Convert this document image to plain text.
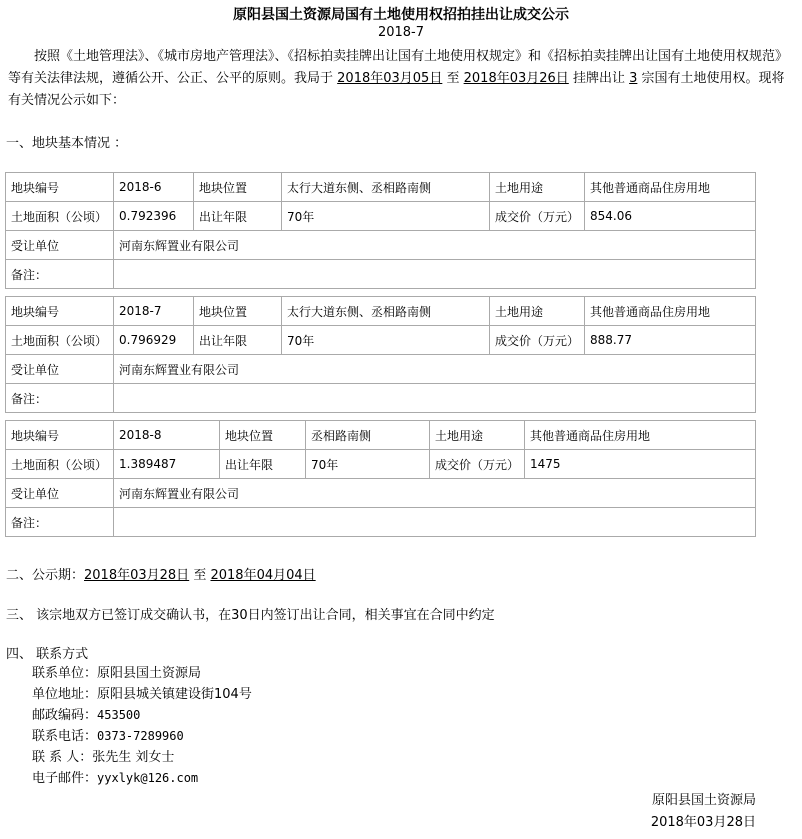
原阳县国土资源局国有土地使用权招拍挂出让成交公示
2018-7
按照《土地管理法》、《城市房地产管理法》、《招标拍卖挂牌出让国有土地使用权规定》和《招标拍卖挂牌出让国有土地使用权规范》等有关法律法规，遵循公开、公正、公平的原则。我局于 2018年03月05日 至 2018年03月26日 挂牌出让 3 宗国有土地使用权。现将有关情况公示如下：
一、地块基本情况 ：
地块编号	2018-6	地块位置	太行大道东侧、丞相路南侧	土地用途	其他普通商品住房用地
土地面积（公顷）	0.792396	出让年限	70年	成交价（万元）	854.06
受让单位	河南东辉置业有限公司				
备注：					
地块编号	2018-7	地块位置	太行大道东侧、丞相路南侧	土地用途	其他普通商品住房用地
土地面积（公顷）	0.796929	出让年限	70年	成交价（万元）	888.77
受让单位	河南东辉置业有限公司				
备注：					
地块编号	2018-8	地块位置	丞相路南侧	土地用途	其他普通商品住房用地
土地面积（公顷）	1.389487	出让年限	70年	成交价（万元）	1475
受让单位	河南东辉置业有限公司				
备注：					
二、公示期：2018年03月28日 至 2018年04月04日
三、 该宗地双方已签订成交确认书，在30日内签订出让合同，相关事宜在合同中约定
四、 联系方式
联系单位：原阳县国土资源局
单位地址：原阳县城关镇建设街104号
邮政编码：453500
联系电话：0373-7289960
联 系 人：张先生 刘女士
电子邮件：yyxlyk@126.com
原阳县国土资源局
2018年03月28日
